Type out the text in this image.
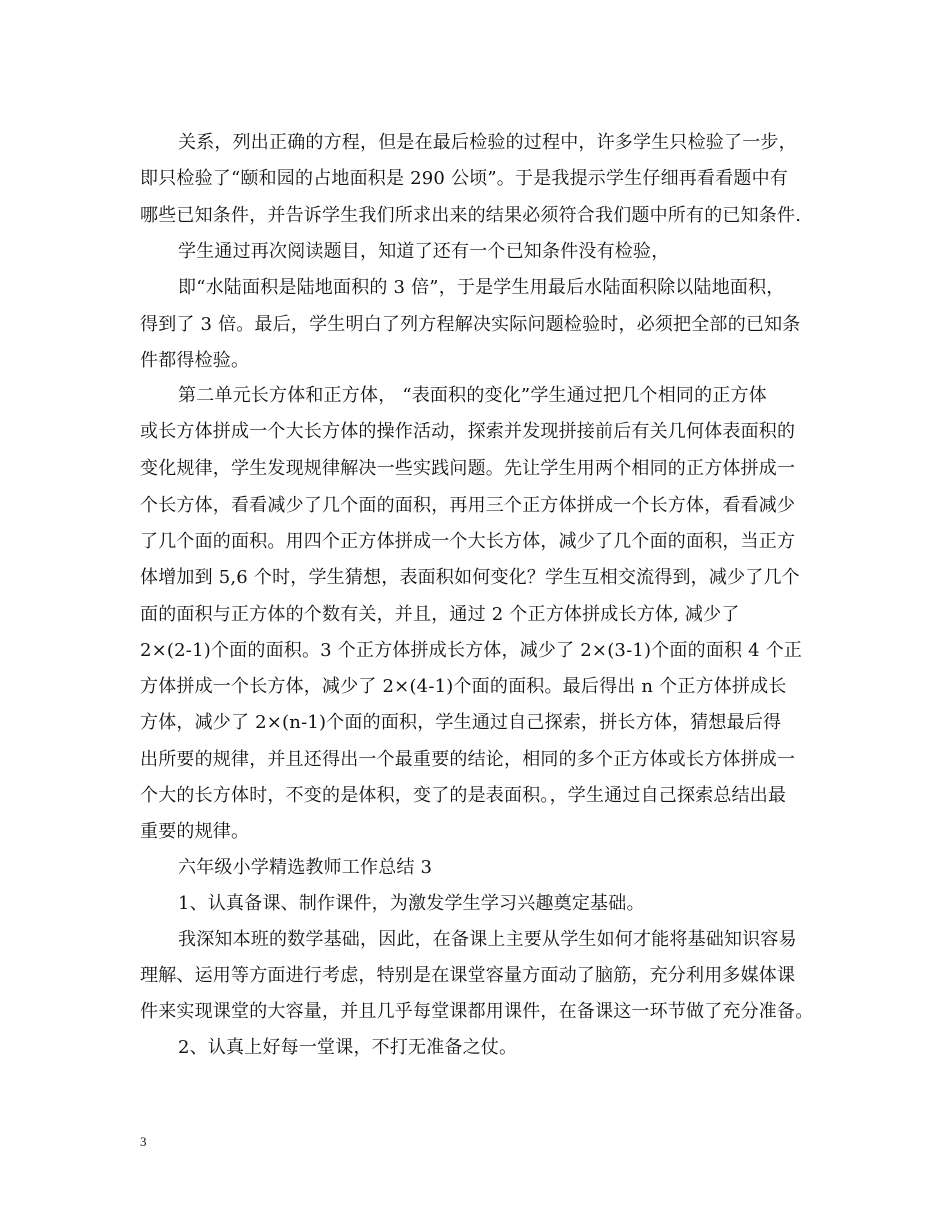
关系，列出正确的方程，但是在最后检验的过程中，许多学生只检验了一步，
即只检验了“颐和园的占地面积是 290 公顷”。于是我提示学生仔细再看看题中有
哪些已知条件，并告诉学生我们所求出来的结果必须符合我们题中所有的已知条件.
学生通过再次阅读题目，知道了还有一个已知条件没有检验，
即“水陆面积是陆地面积的 3 倍”，于是学生用最后水陆面积除以陆地面积，
得到了 3 倍。最后，学生明白了列方程解决实际问题检验时，必须把全部的已知条
件都得检验。
第二单元长方体和正方体， “表面积的变化”学生通过把几个相同的正方体
或长方体拼成一个大长方体的操作活动，探索并发现拼接前后有关几何体表面积的
变化规律，学生发现规律解决一些实践问题。先让学生用两个相同的正方体拼成一
个长方体，看看减少了几个面的面积，再用三个正方体拼成一个长方体，看看减少
了几个面的面积。用四个正方体拼成一个大长方体，减少了几个面的面积，当正方
体增加到 5,6 个时，学生猜想，表面积如何变化？学生互相交流得到，减少了几个
面的面积与正方体的个数有关，并且，通过 2 个正方体拼成长方体, 减少了
2×(2-1)个面的面积。3 个正方体拼成长方体，减少了 2×(3-1)个面的面积 4 个正
方体拼成一个长方体，减少了 2×(4-1)个面的面积。最后得出 n 个正方体拼成长
方体，减少了 2×(n-1)个面的面积，学生通过自己探索，拼长方体，猜想最后得
出所要的规律，并且还得出一个最重要的结论，相同的多个正方体或长方体拼成一
个大的长方体时，不变的是体积，变了的是表面积。，学生通过自己探索总结出最
重要的规律。
六年级小学精选教师工作总结 3
1、认真备课、制作课件，为激发学生学习兴趣奠定基础。
我深知本班的数学基础，因此，在备课上主要从学生如何才能将基础知识容易
理解、运用等方面进行考虑，特别是在课堂容量方面动了脑筋，充分利用多媒体课
件来实现课堂的大容量，并且几乎每堂课都用课件，在备课这一环节做了充分准备。
2、认真上好每一堂课，不打无准备之仗。
3
